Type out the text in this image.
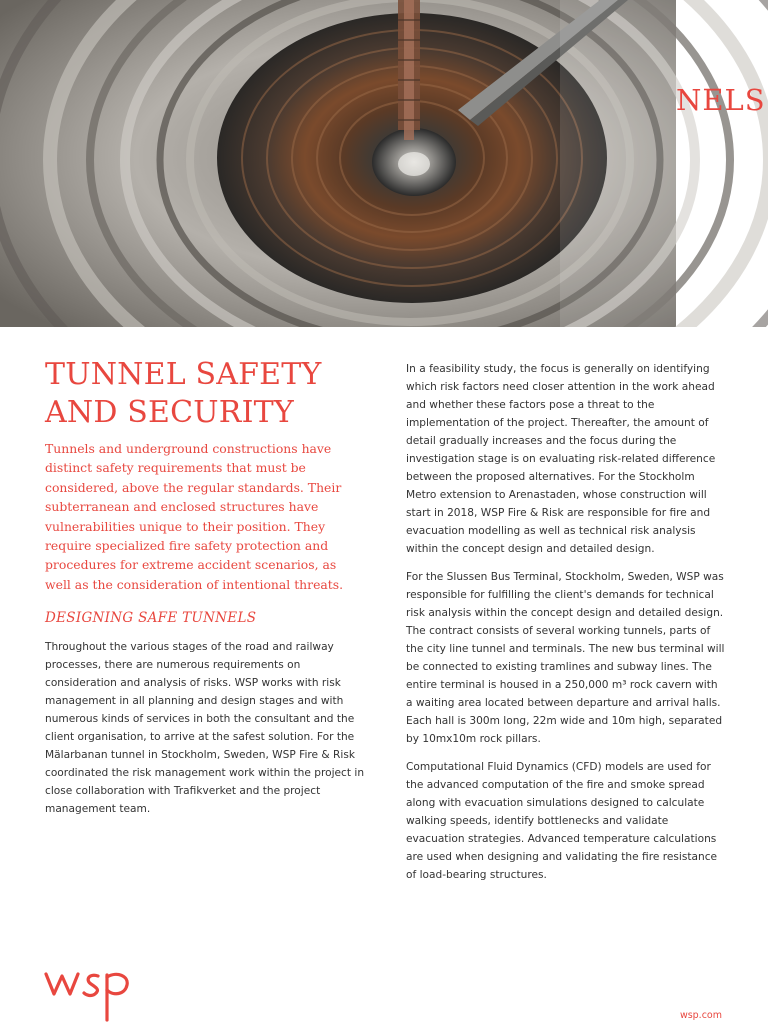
NELS
TUNNEL SAFETY
AND SECURITY

Tunnels and underground constructions have distinct safety requirements that must be considered, above the regular standards. Their subterranean and enclosed structures have vulnerabilities unique to their position. They require specialized fire safety protection and procedures for extreme accident scenarios, as well as the consideration of intentional threats.

DESIGNING SAFE TUNNELS

Throughout the various stages of the road and railway processes, there are numerous requirements on consideration and analysis of risks. WSP works with risk management in all planning and design stages and with numerous kinds of services in both the consultant and the client organisation, to arrive at the safest solution. For the Mälarbanan tunnel in Stockholm, Sweden, WSP Fire & Risk coordinated the risk management work within the project in close collaboration with Trafikverket and the project management team.

In a feasibility study, the focus is generally on identifying which risk factors need closer attention in the work ahead and whether these factors pose a threat to the implementation of the project. Thereafter, the amount of detail gradually increases and the focus during the investigation stage is on evaluating risk-related difference between the proposed alternatives. For the Stockholm Metro extension to Arenastaden, whose construction will start in 2018, WSP Fire & Risk are responsible for fire and evacuation modelling as well as technical risk analysis within the concept design and detailed design.

For the Slussen Bus Terminal, Stockholm, Sweden, WSP was responsible for fulfilling the client's demands for technical risk analysis within the concept design and detailed design. The contract consists of several working tunnels, parts of the city line tunnel and terminals. The new bus terminal will be connected to existing tramlines and subway lines. The entire terminal is housed in a 250,000 m³ rock cavern with a waiting area located between departure and arrival halls. Each hall is 300m long, 22m wide and 10m high, separated by 10mx10m rock pillars.

Computational Fluid Dynamics (CFD) models are used for the advanced computation of the fire and smoke spread along with evacuation simulations designed to calculate walking speeds, identify bottlenecks and validate evacuation strategies. Advanced temperature calculations are used when designing and validating the fire resistance of load-bearing structures.

wsp.com
